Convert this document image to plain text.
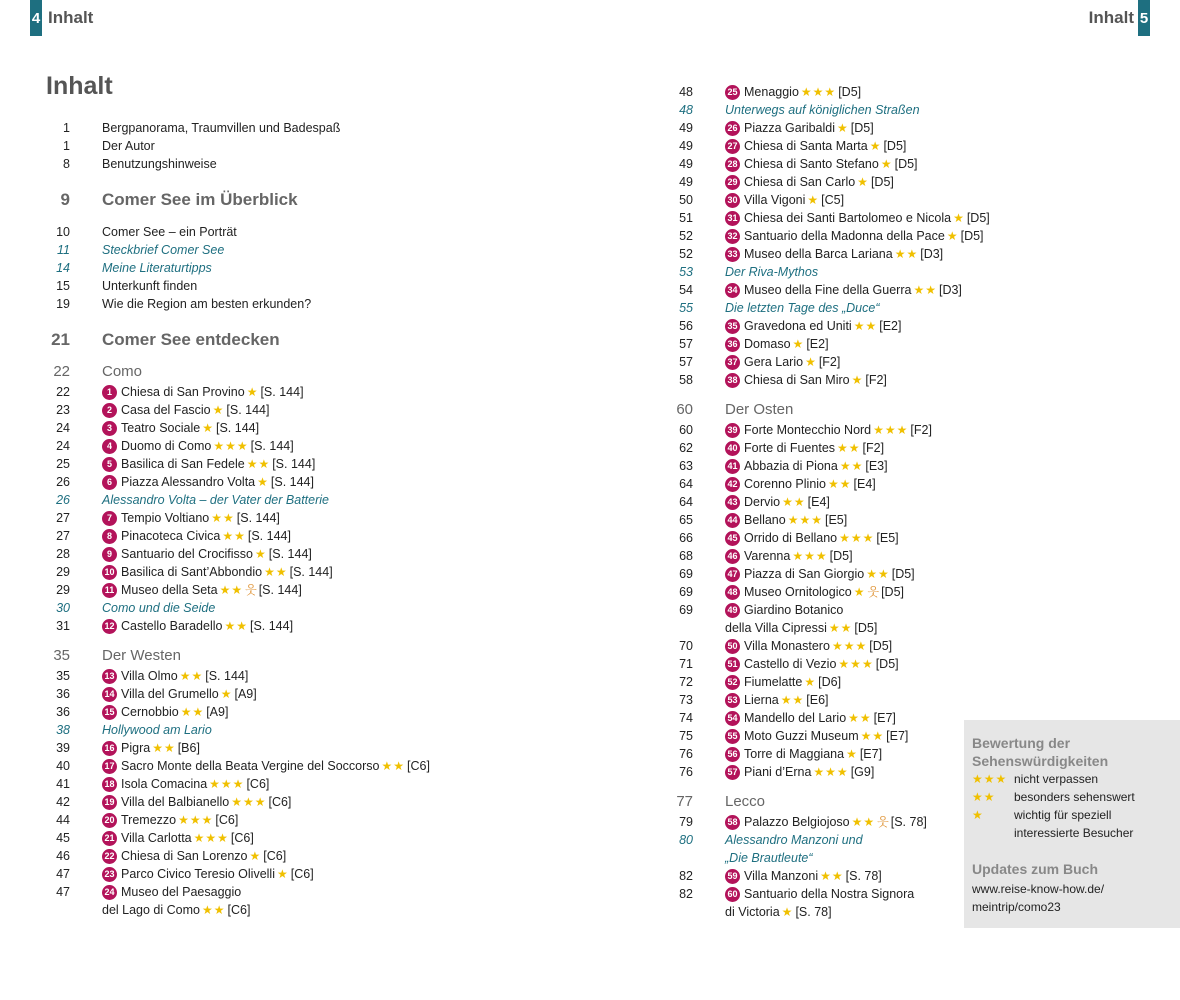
4 Inhalt	Inhalt 5
Inhalt
1	Bergpanorama, Traumvillen und Badespaß
1	Der Autor
8	Benutzungshinweise
9 Comer See im Überblick
10	Comer See – ein Porträt
11	Steckbrief Comer See
14	Meine Literaturtipps
15	Unterkunft finden
19	Wie die Region am besten erkunden?
21 Comer See entdecken
22 Como
22	1 Chiesa di San Provino ★ [S. 144]
23	2 Casa del Fascio ★ [S. 144]
24	3 Teatro Sociale ★ [S. 144]
24	4 Duomo di Como ★★★ [S. 144]
25	5 Basilica di San Fedele ★★ [S. 144]
26	6 Piazza Alessandro Volta ★ [S. 144]
26	Alessandro Volta – der Vater der Batterie
27	7 Tempio Voltiano ★★ [S. 144]
27	8 Pinacoteca Civica ★★ [S. 144]
28	9 Santuario del Crocifisso ★ [S. 144]
29	10 Basilica di Sant’Abbondio ★★ [S. 144]
29	11 Museo della Seta ★★ 웃 [S. 144]
30	Como und die Seide
31	12 Castello Baradello ★★ [S. 144]
35 Der Westen
35	13 Villa Olmo ★★ [S. 144]
36	14 Villa del Grumello ★ [A9]
36	15 Cernobbio ★★ [A9]
38	Hollywood am Lario
39	16 Pigra ★★ [B6]
40	17 Sacro Monte della Beata Vergine del Soccorso ★★ [C6]
41	18 Isola Comacina ★★★ [C6]
42	19 Villa del Balbianello ★★★ [C6]
44	20 Tremezzo ★★★ [C6]
45	21 Villa Carlotta ★★★ [C6]
46	22 Chiesa di San Lorenzo ★ [C6]
47	23 Parco Civico Teresio Olivelli ★ [C6]
47	24 Museo del Paesaggio
del Lago di Como ★★ [C6]
48	25 Menaggio ★★★ [D5]
48	Unterwegs auf königlichen Straßen
49	26 Piazza Garibaldi ★ [D5]
49	27 Chiesa di Santa Marta ★ [D5]
49	28 Chiesa di Santo Stefano ★ [D5]
49	29 Chiesa di San Carlo ★ [D5]
50	30 Villa Vigoni ★ [C5]
51	31 Chiesa dei Santi Bartolomeo e Nicola ★ [D5]
52	32 Santuario della Madonna della Pace ★ [D5]
52	33 Museo della Barca Lariana ★★ [D3]
53	Der Riva-Mythos
54	34 Museo della Fine della Guerra ★★ [D3]
55	Die letzten Tage des „Duce“
56	35 Gravedona ed Uniti ★★ [E2]
57	36 Domaso ★ [E2]
57	37 Gera Lario ★ [F2]
58	38 Chiesa di San Miro ★ [F2]
60 Der Osten
60	39 Forte Montecchio Nord ★★★ [F2]
62	40 Forte di Fuentes ★★ [F2]
63	41 Abbazia di Piona ★★ [E3]
64	42 Corenno Plinio ★★ [E4]
64	43 Dervio ★★ [E4]
65	44 Bellano ★★★ [E5]
66	45 Orrido di Bellano ★★★ [E5]
68	46 Varenna ★★★ [D5]
69	47 Piazza di San Giorgio ★★ [D5]
69	48 Museo Ornitologico ★ 웃 [D5]
69	49 Giardino Botanico
della Villa Cipressi ★★ [D5]
70	50 Villa Monastero ★★★ [D5]
71	51 Castello di Vezio ★★★ [D5]
72	52 Fiumelatte ★ [D6]
73	53 Lierna ★★ [E6]
74	54 Mandello del Lario ★★ [E7]
75	55 Moto Guzzi Museum ★★ [E7]
76	56 Torre di Maggiana ★ [E7]
76	57 Piani d’Erna ★★★ [G9]
77 Lecco
79	58 Palazzo Belgiojoso ★★ 웃 [S. 78]
80	Alessandro Manzoni und
„Die Brautleute“
82	59 Villa Manzoni ★★ [S. 78]
82	60 Santuario della Nostra Signora
di Victoria ★ [S. 78]
Bewertung der
Sehenswürdigkeiten
★★★ nicht verpassen
★★ besonders sehenswert
★	wichtig für speziell
interessierte Besucher
Updates zum Buch
www.reise-know-how.de/
meintrip/como23
